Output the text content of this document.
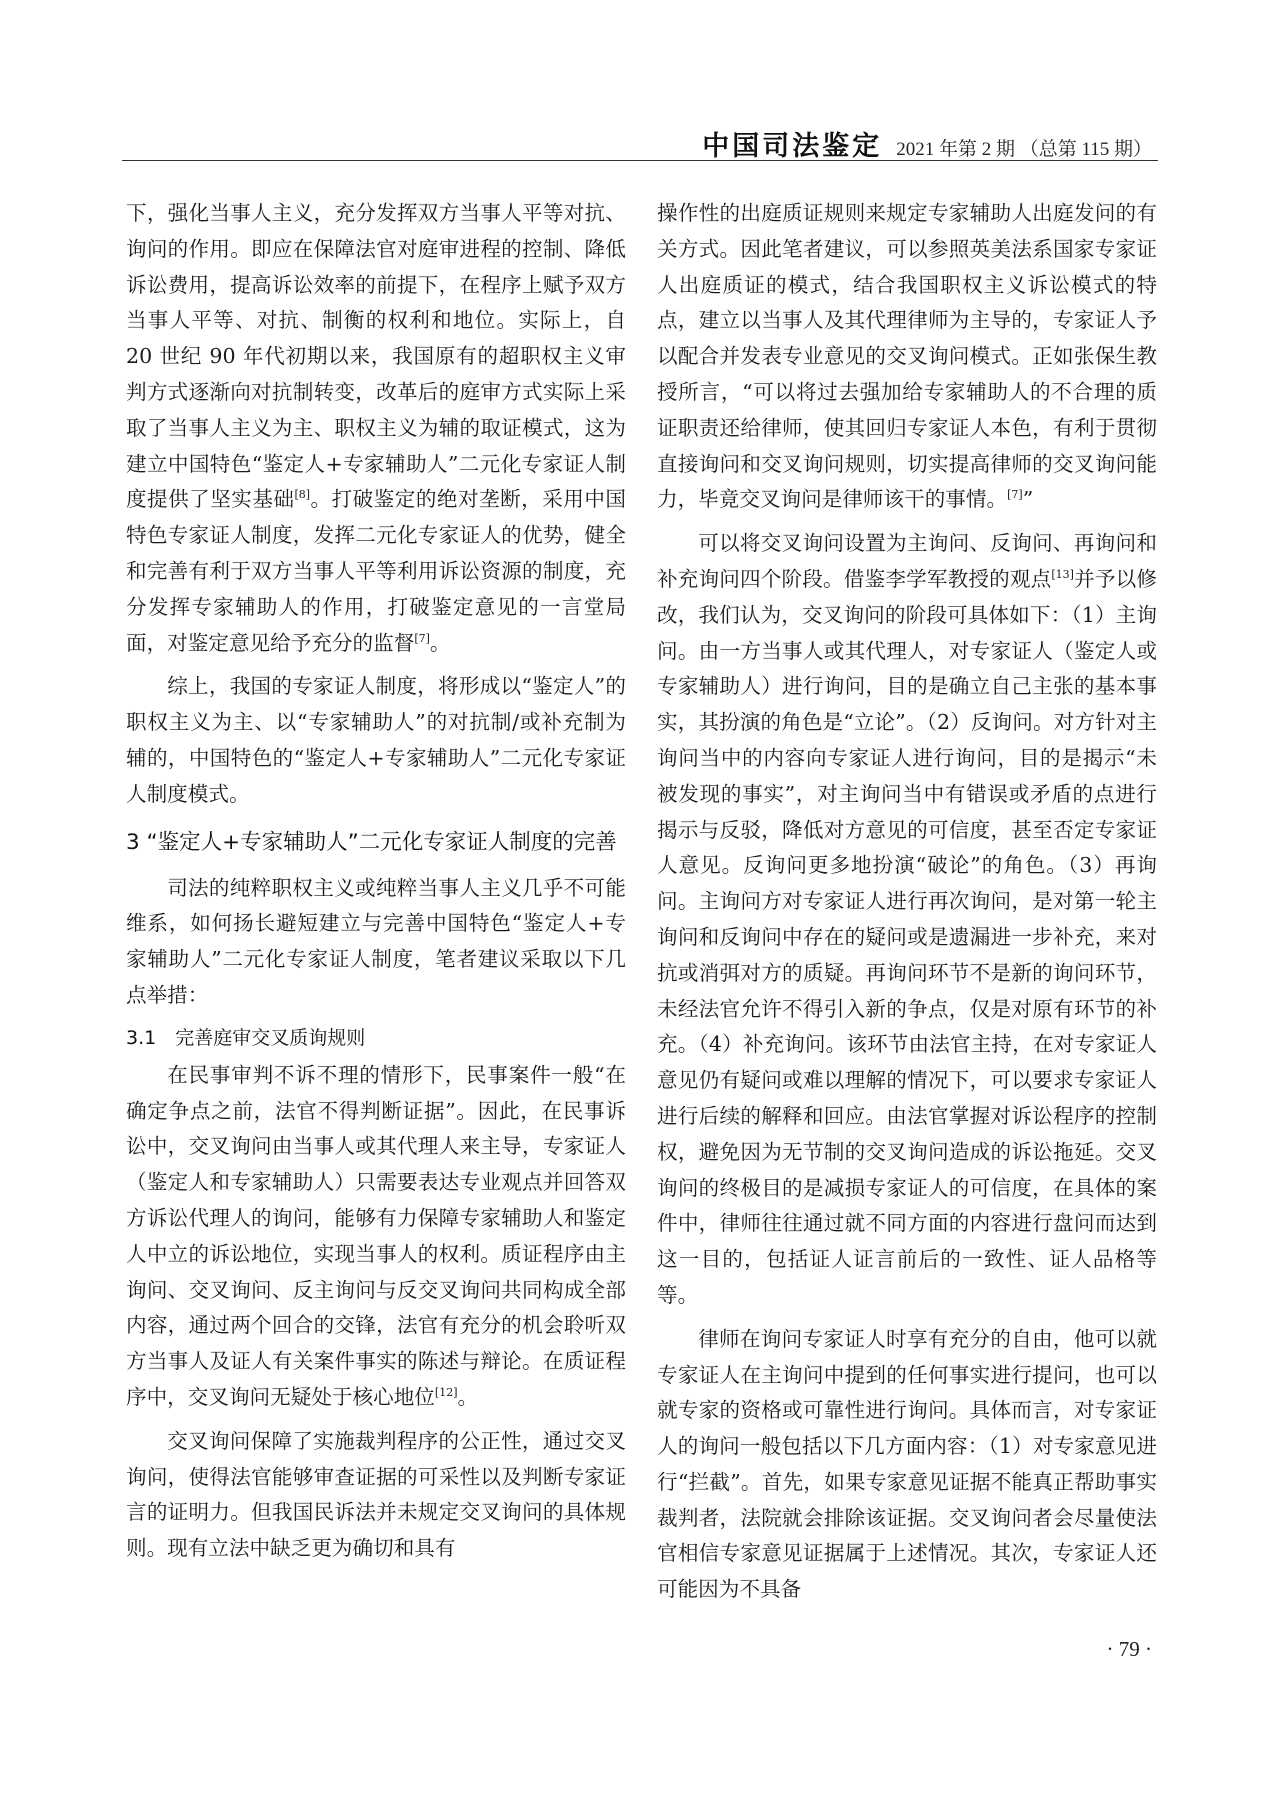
中国司法鉴定 2021 年第 2 期 （总第 115 期）

下，强化当事人主义，充分发挥双方当事人平等对抗、询问的作用。即应在保障法官对庭审进程的控制、降低诉讼费用，提高诉讼效率的前提下，在程序上赋予双方当事人平等、对抗、制衡的权利和地位。实际上，自 20 世纪 90 年代初期以来，我国原有的超职权主义审判方式逐渐向对抗制转变，改革后的庭审方式实际上采取了当事人主义为主、职权主义为辅的取证模式，这为建立中国特色“鉴定人+专家辅助人”二元化专家证人制度提供了坚实基础[8]。打破鉴定的绝对垄断，采用中国特色专家证人制度，发挥二元化专家证人的优势，健全和完善有利于双方当事人平等利用诉讼资源的制度，充分发挥专家辅助人的作用，打破鉴定意见的一言堂局面，对鉴定意见给予充分的监督[7]。

综上，我国的专家证人制度，将形成以“鉴定人”的职权主义为主、以“专家辅助人”的对抗制/或补充制为辅的，中国特色的“鉴定人+专家辅助人”二元化专家证人制度模式。

3 “鉴定人+专家辅助人”二元化专家证人制度的完善

司法的纯粹职权主义或纯粹当事人主义几乎不可能维系，如何扬长避短建立与完善中国特色“鉴定人+专家辅助人”二元化专家证人制度，笔者建议采取以下几点举措：

3.1　完善庭审交叉质询规则

在民事审判不诉不理的情形下，民事案件一般“在确定争点之前，法官不得判断证据”。因此，在民事诉讼中，交叉询问由当事人或其代理人来主导，专家证人（鉴定人和专家辅助人）只需要表达专业观点并回答双方诉讼代理人的询问，能够有力保障专家辅助人和鉴定人中立的诉讼地位，实现当事人的权利。质证程序由主询问、交叉询问、反主询问与反交叉询问共同构成全部内容，通过两个回合的交锋，法官有充分的机会聆听双方当事人及证人有关案件事实的陈述与辩论。在质证程序中，交叉询问无疑处于核心地位[12]。

交叉询问保障了实施裁判程序的公正性，通过交叉询问，使得法官能够审查证据的可采性以及判断专家证言的证明力。但我国民诉法并未规定交叉询问的具体规则。现有立法中缺乏更为确切和具有

操作性的出庭质证规则来规定专家辅助人出庭发问的有关方式。因此笔者建议，可以参照英美法系国家专家证人出庭质证的模式，结合我国职权主义诉讼模式的特点，建立以当事人及其代理律师为主导的，专家证人予以配合并发表专业意见的交叉询问模式。正如张保生教授所言，“可以将过去强加给专家辅助人的不合理的质证职责还给律师，使其回归专家证人本色，有利于贯彻直接询问和交叉询问规则，切实提高律师的交叉询问能力，毕竟交叉询问是律师该干的事情。[7]”

可以将交叉询问设置为主询问、反询问、再询问和补充询问四个阶段。借鉴李学军教授的观点[13]并予以修改，我们认为，交叉询问的阶段可具体如下：（1）主询问。由一方当事人或其代理人，对专家证人（鉴定人或专家辅助人）进行询问，目的是确立自己主张的基本事实，其扮演的角色是“立论”。（2）反询问。对方针对主询问当中的内容向专家证人进行询问，目的是揭示“未被发现的事实”，对主询问当中有错误或矛盾的点进行揭示与反驳，降低对方意见的可信度，甚至否定专家证人意见。反询问更多地扮演“破论”的角色。（3）再询问。主询问方对专家证人进行再次询问，是对第一轮主询问和反询问中存在的疑问或是遗漏进一步补充，来对抗或消弭对方的质疑。再询问环节不是新的询问环节，未经法官允许不得引入新的争点，仅是对原有环节的补充。（4）补充询问。该环节由法官主持，在对专家证人意见仍有疑问或难以理解的情况下，可以要求专家证人进行后续的解释和回应。由法官掌握对诉讼程序的控制权，避免因为无节制的交叉询问造成的诉讼拖延。交叉询问的终极目的是减损专家证人的可信度，在具体的案件中，律师往往通过就不同方面的内容进行盘问而达到这一目的，包括证人证言前后的一致性、证人品格等等。

律师在询问专家证人时享有充分的自由，他可以就专家证人在主询问中提到的任何事实进行提问，也可以就专家的资格或可靠性进行询问。具体而言，对专家证人的询问一般包括以下几方面内容：（1）对专家意见进行“拦截”。首先，如果专家意见证据不能真正帮助事实裁判者，法院就会排除该证据。交叉询问者会尽量使法官相信专家意见证据属于上述情况。其次，专家证人还可能因为不具备

· 79 ·
